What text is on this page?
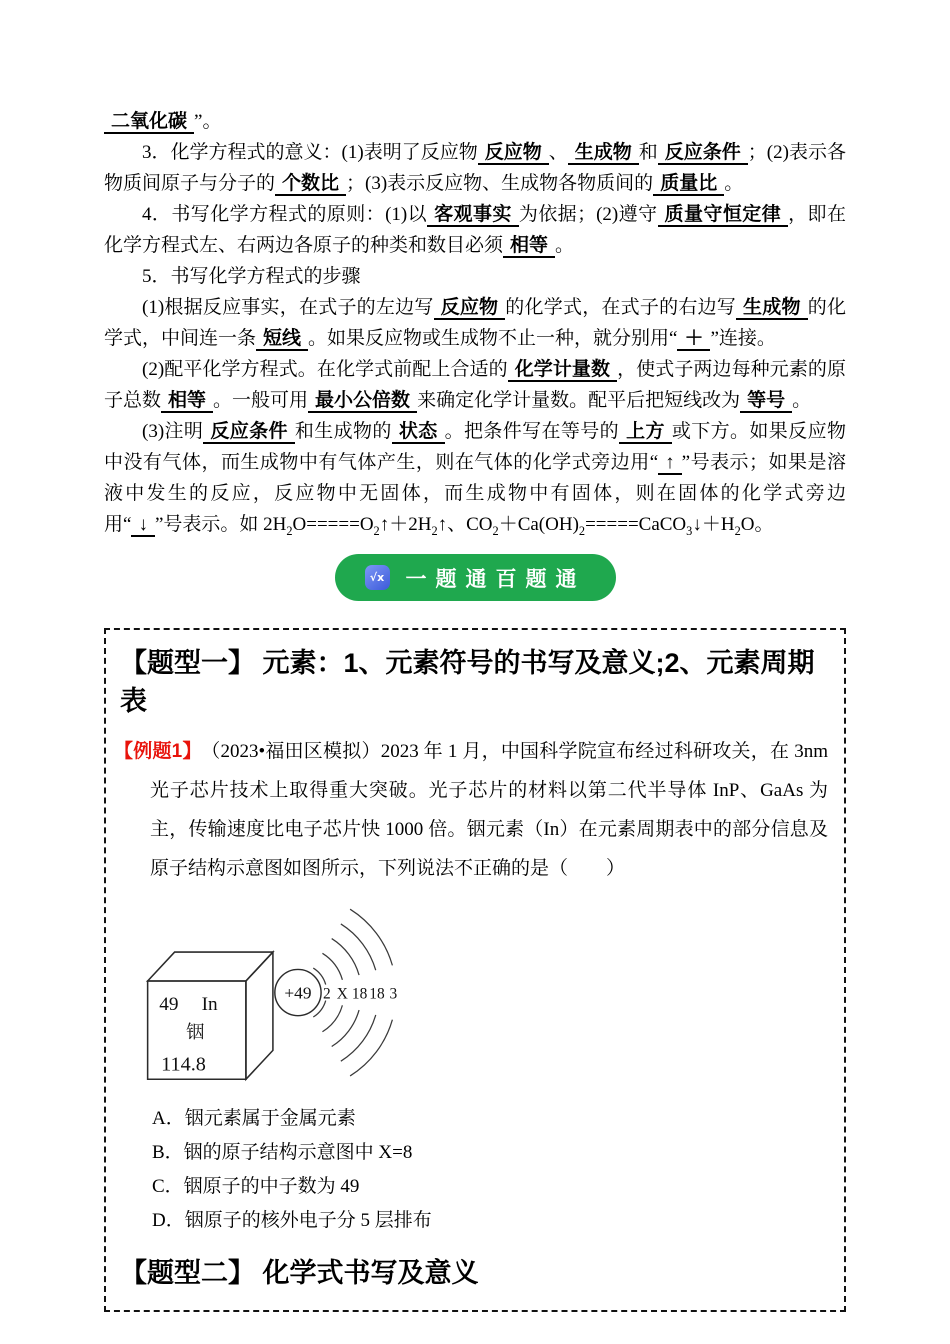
二氧化碳 ”。

3．化学方程式的意义：(1)表明了反应物 反应物 、 生成物 和 反应条件 ；(2)表示各物质间原子与分子的 个数比 ；(3)表示反应物、生成物各物质间的 质量比 。

4．书写化学方程式的原则：(1)以 客观事实 为依据；(2)遵守 质量守恒定律 ，即在化学方程式左、右两边各原子的种类和数目必须 相等 。

5．书写化学方程式的步骤

(1)根据反应事实，在式子的左边写 反应物 的化学式，在式子的右边写 生成物 的化学式，中间连一条 短线 。如果反应物或生成物不止一种，就分别用“ ＋ ”连接。

(2)配平化学方程式。在化学式前配上合适的 化学计量数 ，使式子两边每种元素的原子总数 相等 。一般可用 最小公倍数 来确定化学计量数。配平后把短线改为 等号 。

(3)注明 反应条件 和生成物的 状态 。把条件写在等号的 上方 或下方。如果反应物中没有气体，而生成物中有气体产生，则在气体的化学式旁边用“ ↑ ”号表示；如果是溶液中发生的反应，反应物中无固体，而生成物中有固体，则在固体的化学式旁边用“ ↓ ”号表示。如 $2H_2O=====O_2↑+2H_2↑$、$CO_2+Ca(OH)_2=====CaCO_3↓+H_2O$。

√x 一题通百题通
【题型一】 元素：1、元素符号的书写及意义;2、元素周期表

【例题1】 （2023•福田区模拟）2023 年 1 月，中国科学院宣布经过科研攻关，在 3nm 光子芯片技术上取得重大突破。光子芯片的材料以第二代半导体 InP、GaAs 为主，传输速度比电子芯片快 1000 倍。铟元素（In）在元素周期表中的部分信息及原子结构示意图如图所示，下列说法不正确的是（　　）

49 In
铟
114.8
+49 2 X 18 18 3
A．铟元素属于金属元素
B．铟的原子结构示意图中 X=8
C．铟原子的中子数为 49
D．铟原子的核外电子分 5 层排布
【题型二】 化学式书写及意义
